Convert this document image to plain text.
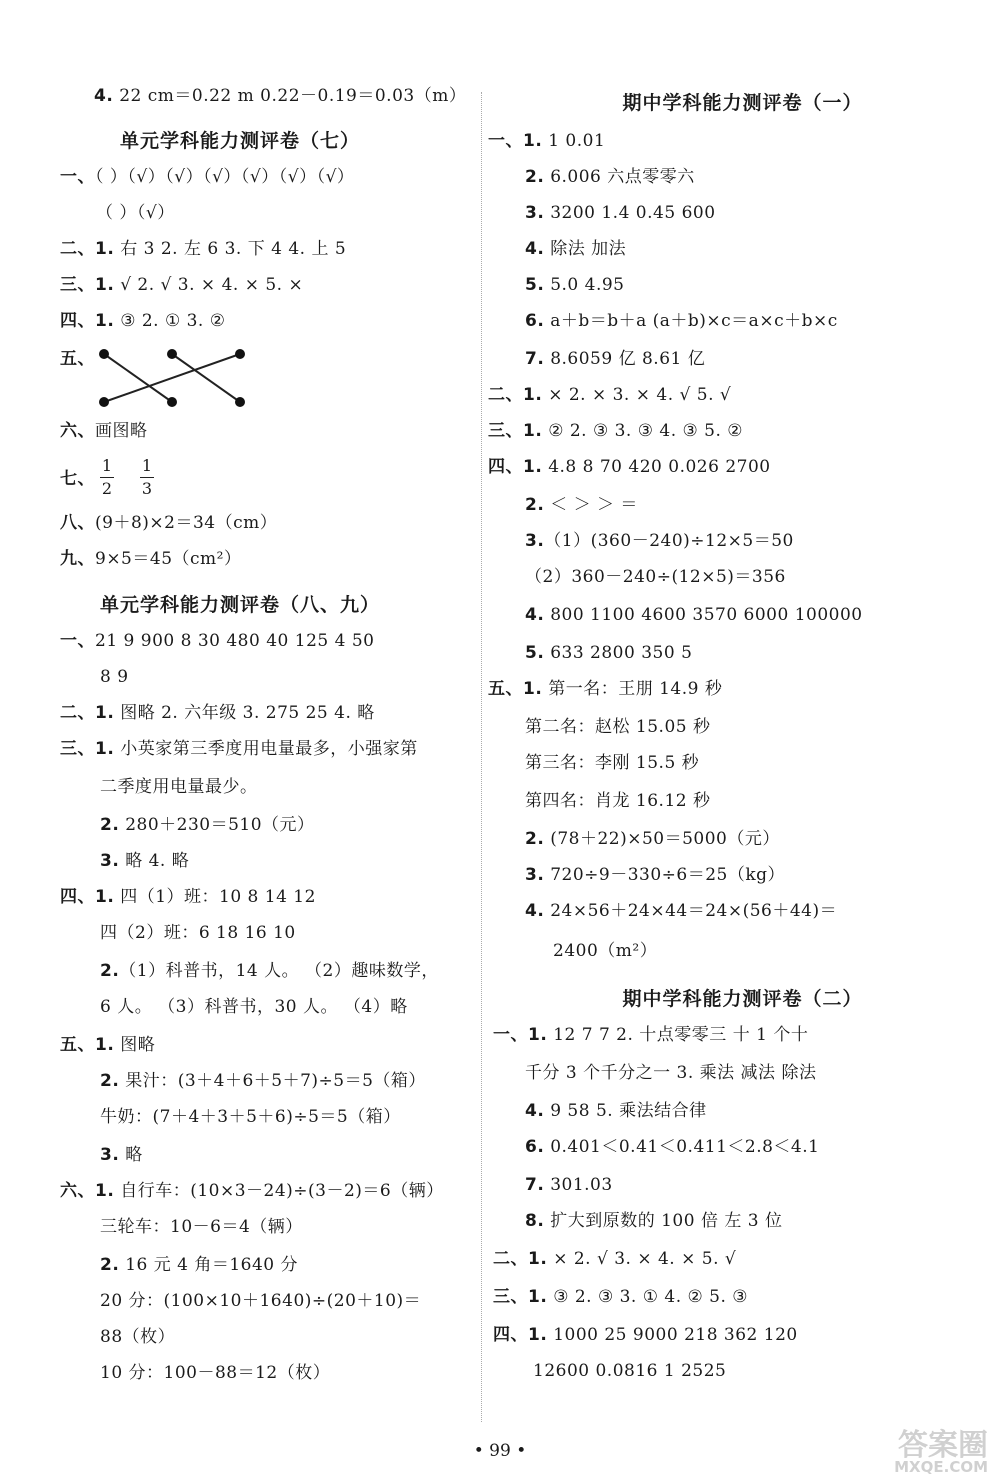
4. 22 cm＝0.22 m 0.22－0.19＝0.03（m）
单元学科能力测评卷（七）
一、（ ）（√）（√）（√）（√）（√）（√）
（ ）（√）
二、1. 右 3 2. 左 6 3. 下 4 4. 上 5
三、1. √ 2. √ 3. × 4. × 5. ×
四、1. ③ 2. ① 3. ②
五、
六、画图略
七、
1
2
1
3
八、(9＋8)×2＝34（cm）
九、9×5＝45（cm²）
单元学科能力测评卷（八、九）
一、21 9 900 8 30 480 40 125 4 50
8 9
二、1. 图略 2. 六年级 3. 275 25 4. 略
三、1. 小英家第三季度用电量最多，小强家第
二季度用电量最少。
2. 280＋230＝510（元）
3. 略 4. 略
四、1. 四（1）班：10 8 14 12
四（2）班：6 18 16 10
2.（1）科普书，14 人。 （2）趣味数学，
6 人。 （3）科普书，30 人。 （4）略
五、1. 图略
2. 果汁：(3＋4＋6＋5＋7)÷5＝5（箱）
牛奶：(7＋4＋3＋5＋6)÷5＝5（箱）
3. 略
六、1. 自行车：(10×3－24)÷(3－2)＝6（辆）
三轮车：10－6＝4（辆）
2. 16 元 4 角＝1640 分
20 分：(100×10＋1640)÷(20＋10)＝
88（枚）
10 分：100－88＝12（枚）
期中学科能力测评卷（一）
一、1. 1 0.01
2. 6.006 六点零零六
3. 3200 1.4 0.45 600
4. 除法 加法
5. 5.0 4.95
6. a＋b＝b＋a (a＋b)×c＝a×c＋b×c
7. 8.6059 亿 8.61 亿
二、1. × 2. × 3. × 4. √ 5. √
三、1. ② 2. ③ 3. ③ 4. ③ 5. ②
四、1. 4.8 8 70 420 0.026 2700
2. ＜ ＞ ＞ ＝
3.（1）(360－240)÷12×5＝50
（2）360－240÷(12×5)＝356
4. 800 1100 4600 3570 6000 100000
5. 633 2800 350 5
五、1. 第一名：王朋 14.9 秒
第二名：赵松 15.05 秒
第三名：李刚 15.5 秒
第四名：肖龙 16.12 秒
2. (78＋22)×50＝5000（元）
3. 720÷9－330÷6＝25（kg）
4. 24×56＋24×44＝24×(56＋44)＝
2400（m²）
期中学科能力测评卷（二）
一、1. 12 7 7 2. 十点零零三 十 1 个十
千分 3 个千分之一 3. 乘法 减法 除法
4. 9 58 5. 乘法结合律
6. 0.401＜0.41＜0.411＜2.8＜4.1
7. 301.03
8. 扩大到原数的 100 倍 左 3 位
二、1. × 2. √ 3. × 4. × 5. √
三、1. ③ 2. ③ 3. ① 4. ② 5. ③
四、1. 1000 25 9000 218 362 120
12600 0.0816 1 2525
• 99 •	答案圈
MXQE.COM
